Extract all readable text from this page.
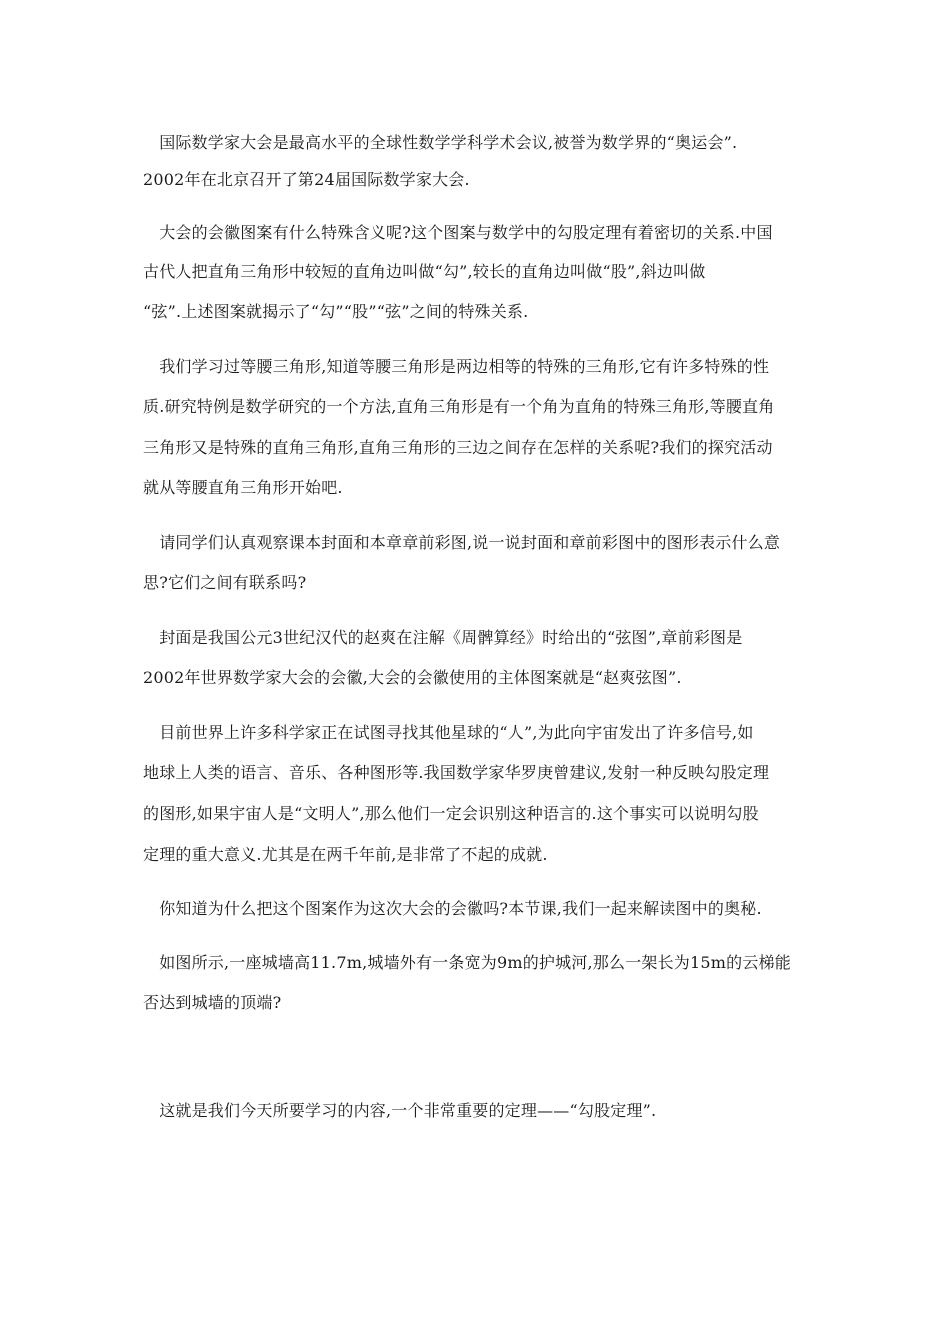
　国际数学家大会是最高水平的全球性数学学科学术会议,被誉为数学界的“奥运会”.
2002年在北京召开了第24届国际数学家大会.
　大会的会徽图案有什么特殊含义呢?这个图案与数学中的勾股定理有着密切的关系.中国
古代人把直角三角形中较短的直角边叫做“勾”,较长的直角边叫做“股”,斜边叫做
“弦”.上述图案就揭示了“勾”“股”“弦”之间的特殊关系.
　我们学习过等腰三角形,知道等腰三角形是两边相等的特殊的三角形,它有许多特殊的性
质.研究特例是数学研究的一个方法,直角三角形是有一个角为直角的特殊三角形,等腰直角
三角形又是特殊的直角三角形,直角三角形的三边之间存在怎样的关系呢?我们的探究活动
就从等腰直角三角形开始吧.
　请同学们认真观察课本封面和本章章前彩图,说一说封面和章前彩图中的图形表示什么意
思?它们之间有联系吗?
　封面是我国公元3世纪汉代的赵爽在注解《周髀算经》时给出的“弦图”,章前彩图是
2002年世界数学家大会的会徽,大会的会徽使用的主体图案就是“赵爽弦图”.
　目前世界上许多科学家正在试图寻找其他星球的“人”,为此向宇宙发出了许多信号,如
地球上人类的语言、音乐、各种图形等.我国数学家华罗庚曾建议,发射一种反映勾股定理
的图形,如果宇宙人是“文明人”,那么他们一定会识别这种语言的.这个事实可以说明勾股
定理的重大意义.尤其是在两千年前,是非常了不起的成就.
　你知道为什么把这个图案作为这次大会的会徽吗?本节课,我们一起来解读图中的奥秘.
　如图所示,一座城墙高11.7m,城墙外有一条宽为9m的护城河,那么一架长为15m的云梯能
否达到城墙的顶端?
　这就是我们今天所要学习的内容,一个非常重要的定理——“勾股定理”.
